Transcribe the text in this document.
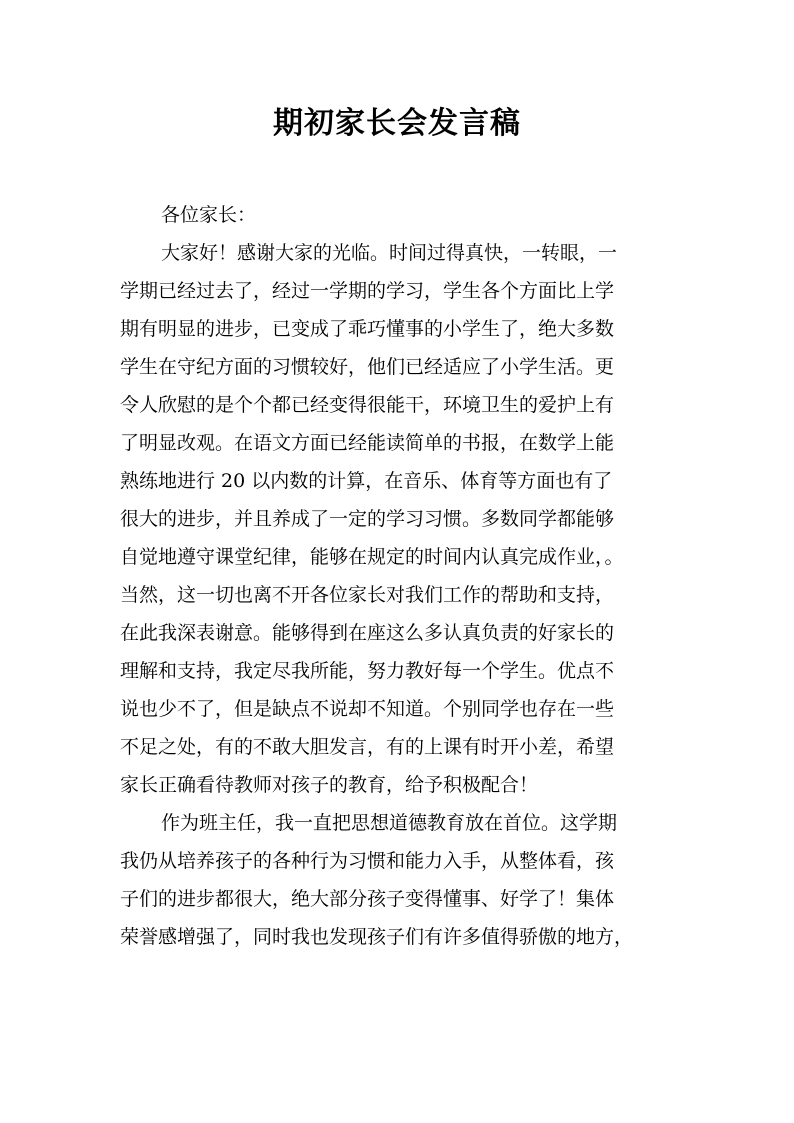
期初家长会发言稿
各位家长：
大家好！感谢大家的光临。时间过得真快，一转眼，一
学期已经过去了，经过一学期的学习，学生各个方面比上学
期有明显的进步，已变成了乖巧懂事的小学生了，绝大多数
学生在守纪方面的习惯较好，他们已经适应了小学生活。更
令人欣慰的是个个都已经变得很能干，环境卫生的爱护上有
了明显改观。在语文方面已经能读简单的书报，在数学上能
熟练地进行 20 以内数的计算，在音乐、体育等方面也有了
很大的进步，并且养成了一定的学习习惯。多数同学都能够
自觉地遵守课堂纪律，能够在规定的时间内认真完成作业，。
当然，这一切也离不开各位家长对我们工作的帮助和支持，
在此我深表谢意。能够得到在座这么多认真负责的好家长的
理解和支持，我定尽我所能，努力教好每一个学生。优点不
说也少不了，但是缺点不说却不知道。个别同学也存在一些
不足之处，有的不敢大胆发言，有的上课有时开小差，希望
家长正确看待教师对孩子的教育，给予积极配合！
作为班主任，我一直把思想道德教育放在首位。这学期
我仍从培养孩子的各种行为习惯和能力入手，从整体看，孩
子们的进步都很大，绝大部分孩子变得懂事、好学了！集体
荣誉感增强了，同时我也发现孩子们有许多值得骄傲的地方，
